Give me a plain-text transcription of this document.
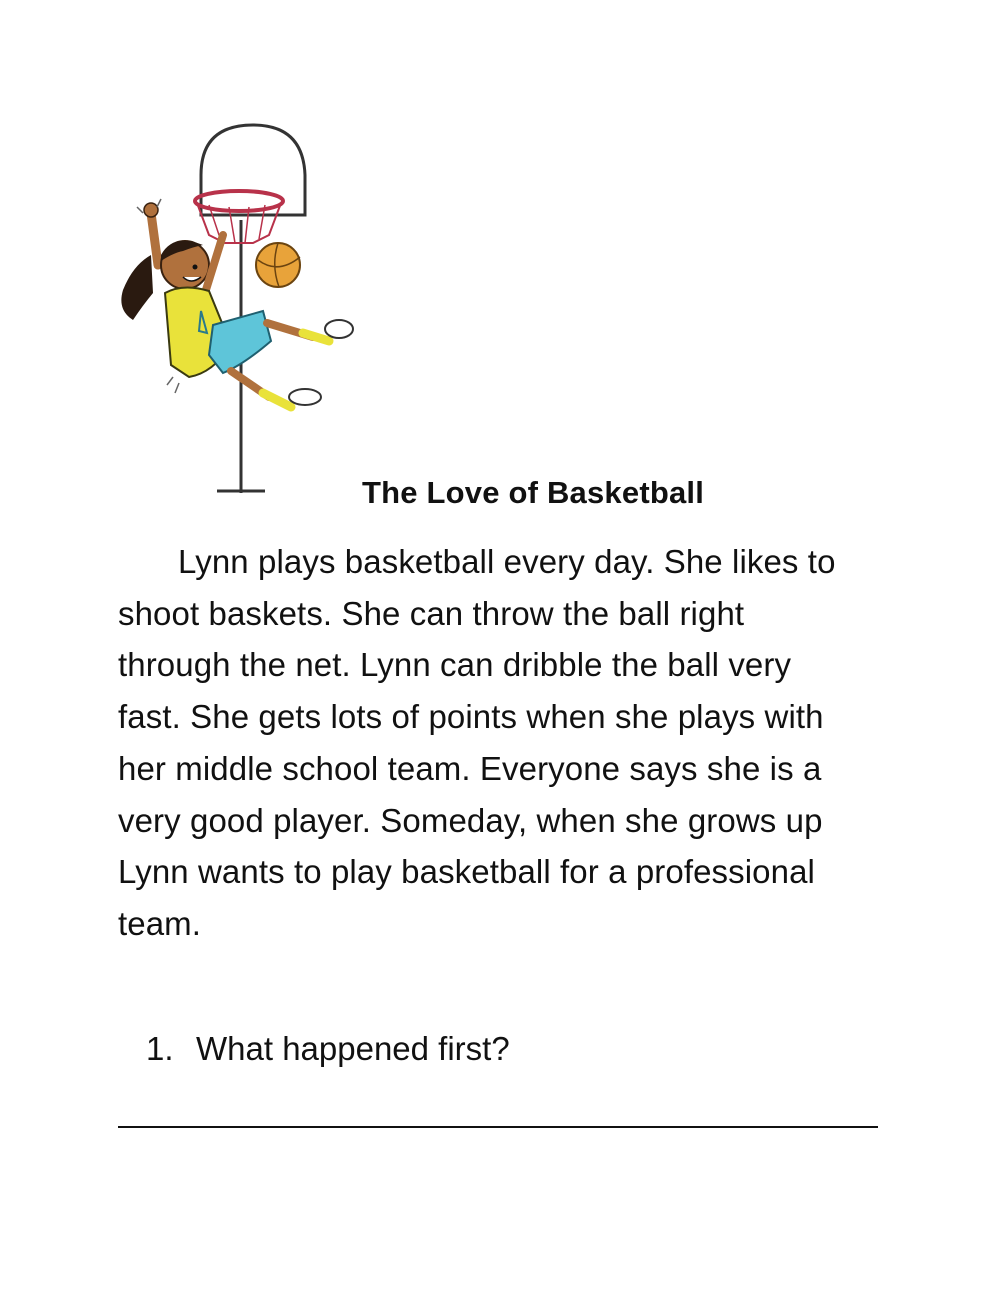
The Love of Basketball
Lynn plays basketball every day. She likes to
shoot baskets. She can throw the ball right
through the net. Lynn can dribble the ball very
fast. She gets lots of points when she plays with
her middle school team. Everyone says she is a
very good player. Someday, when she grows up
Lynn wants to play basketball for a professional
team.
1. What happened first?
